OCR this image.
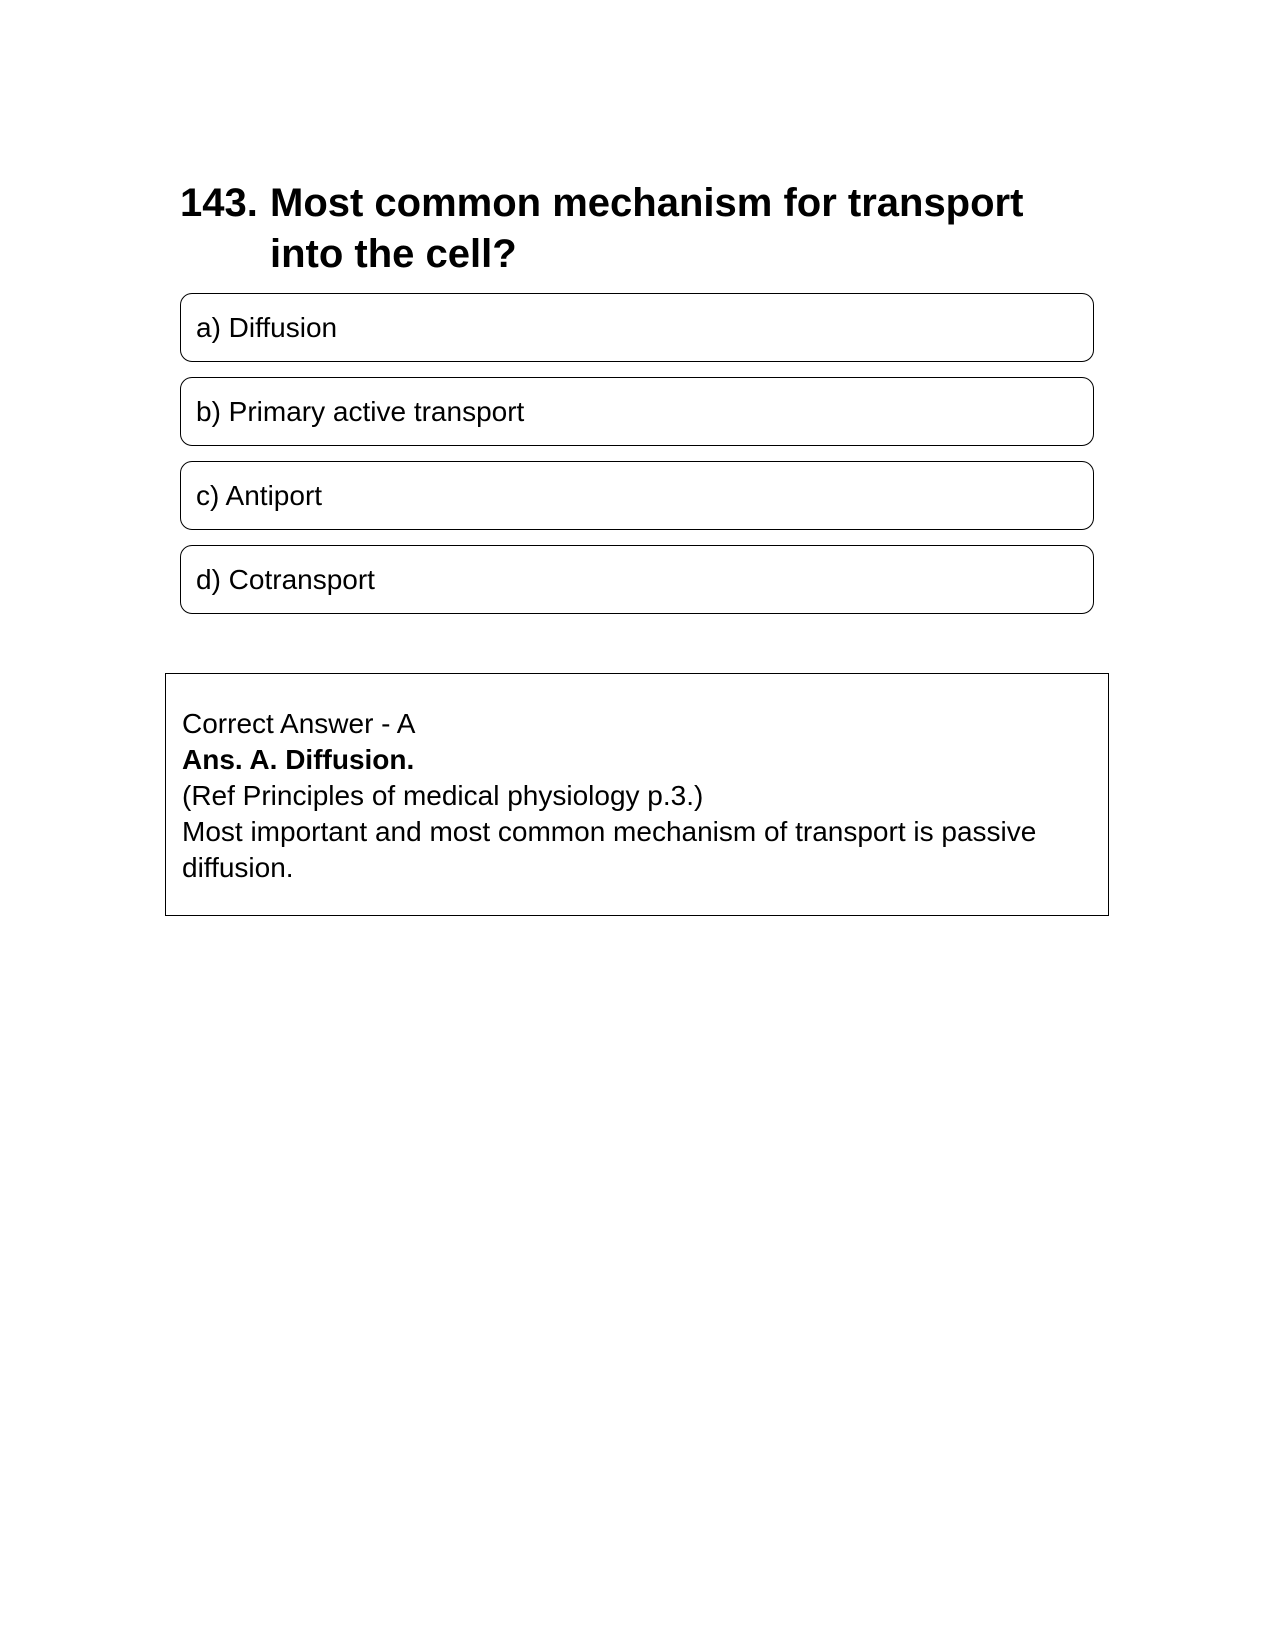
143. Most common mechanism for transport into the cell?
a) Diffusion
b) Primary active transport
c) Antiport
d) Cotransport
Correct Answer - A
Ans. A. Diffusion.
(Ref Principles of medical physiology p.3.)
Most important and most common mechanism of transport is passive diffusion.
